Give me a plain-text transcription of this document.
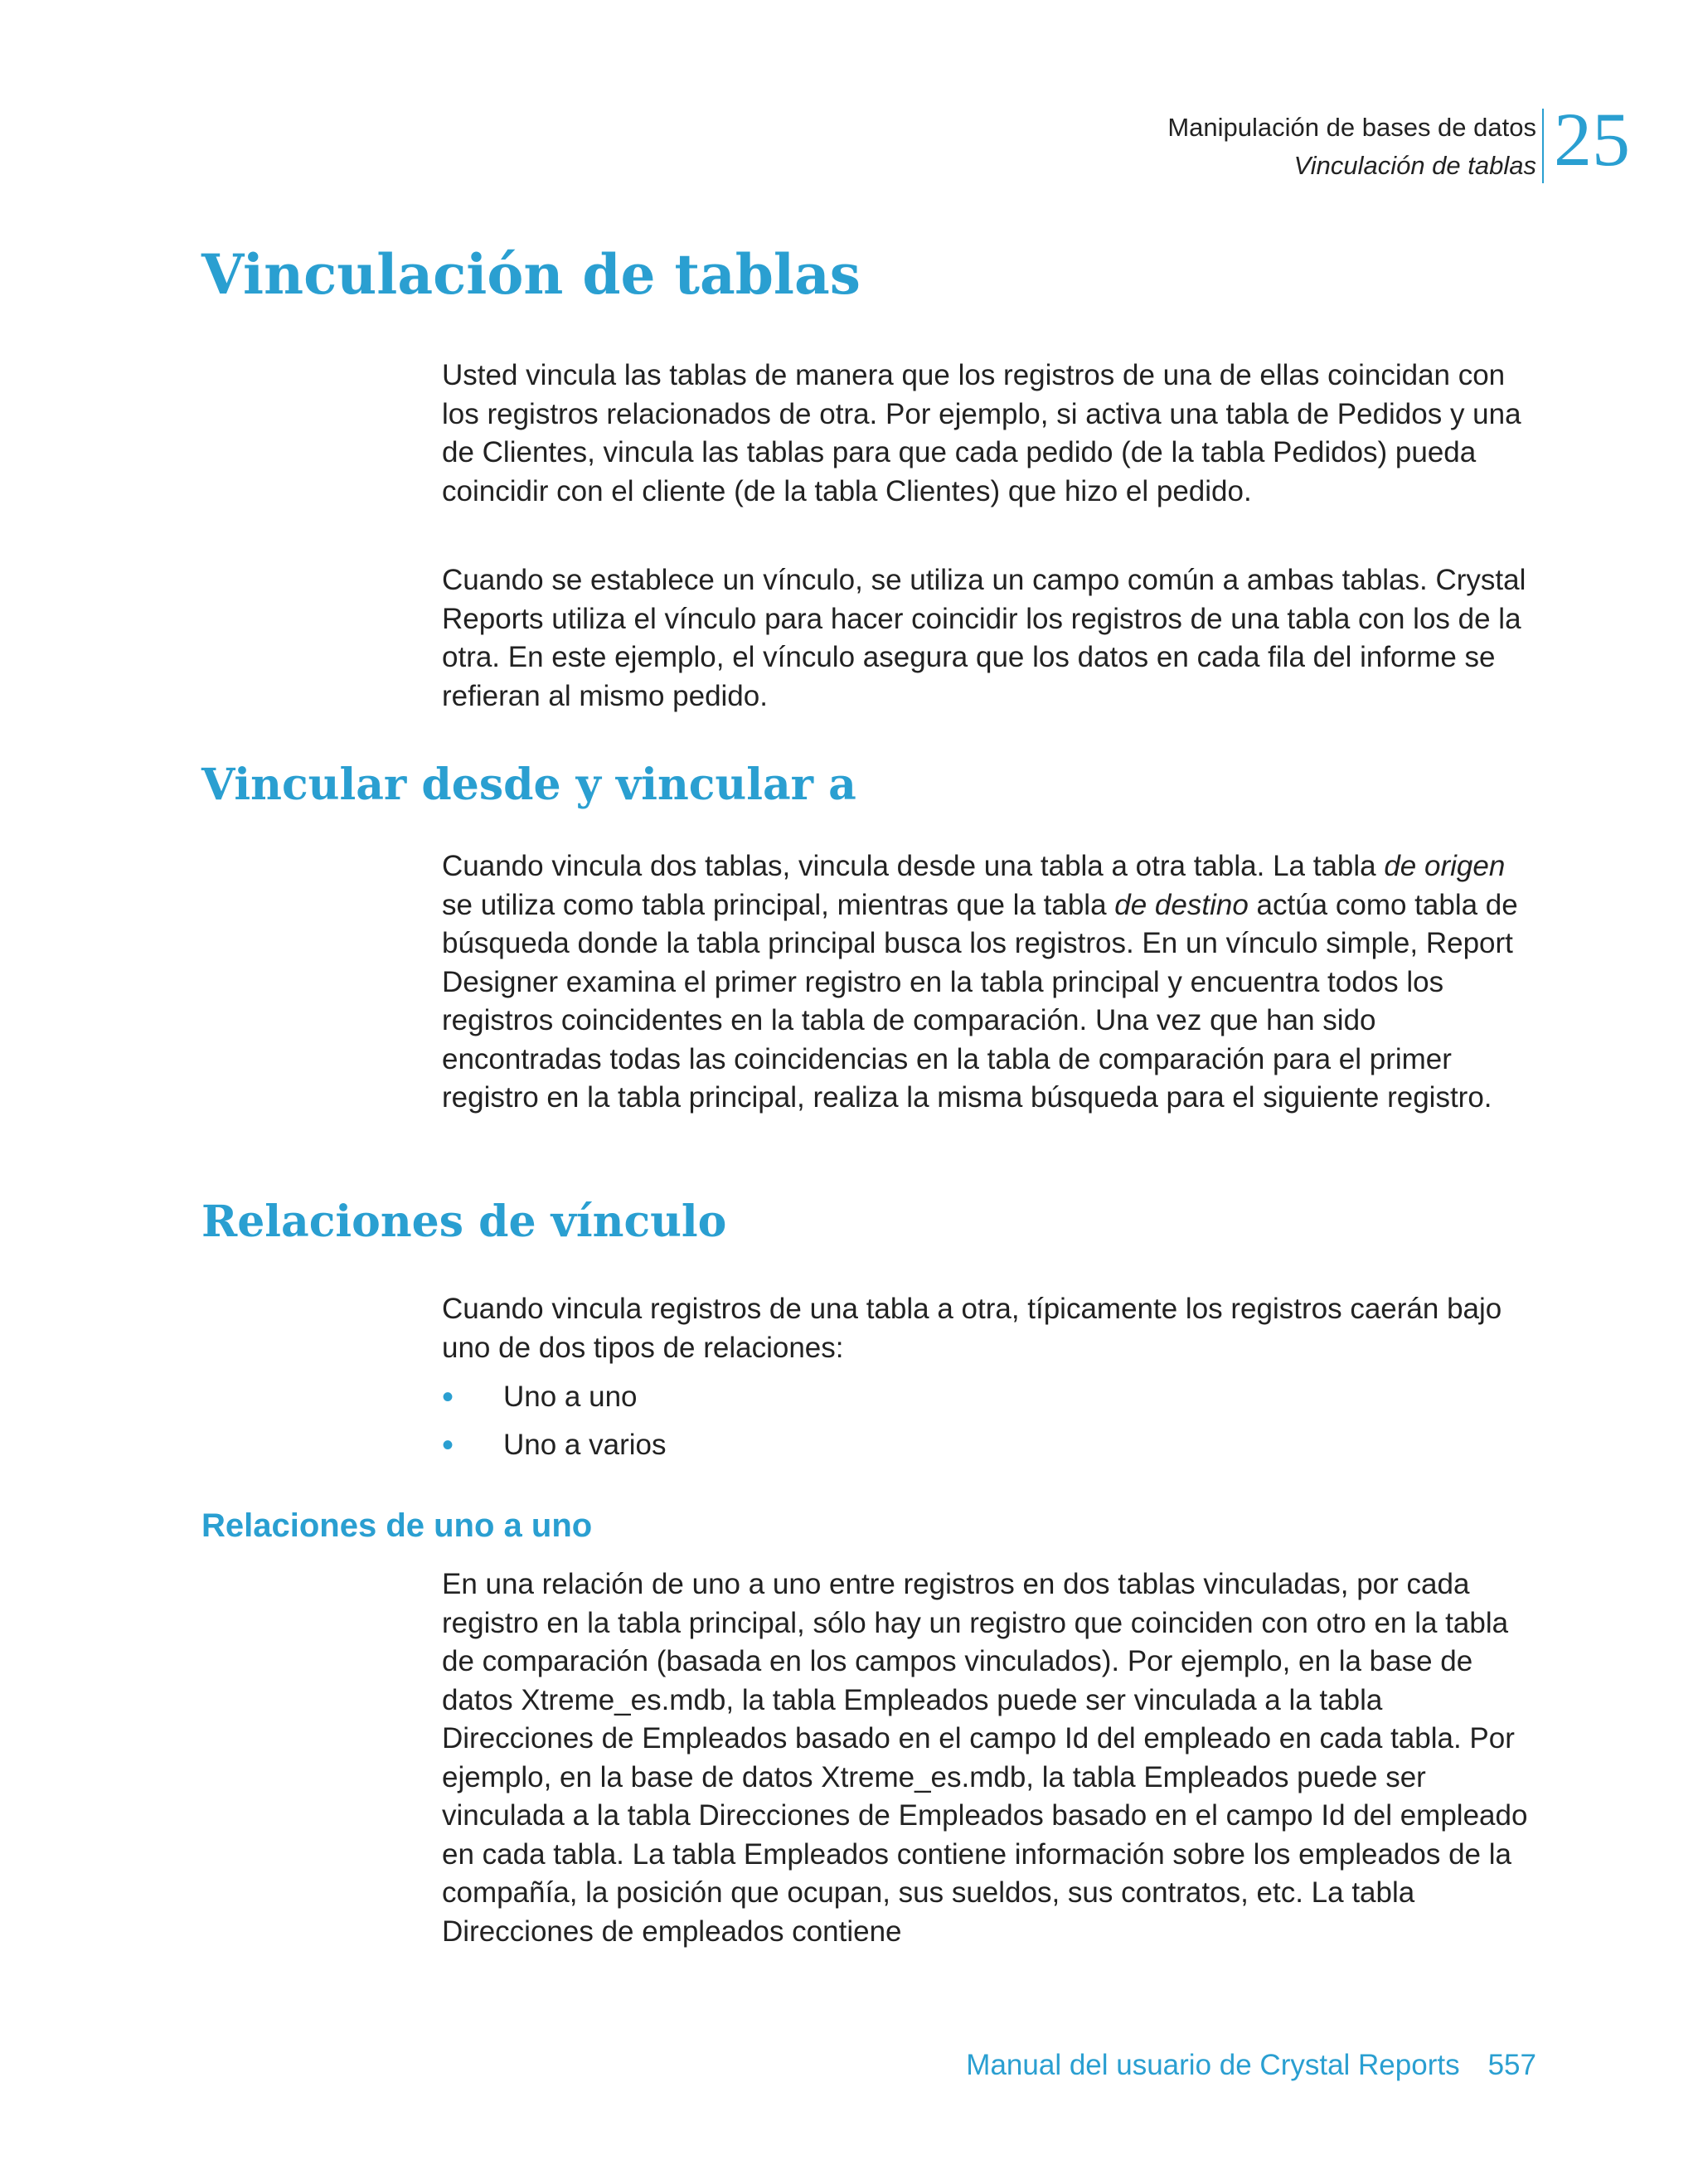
Manipulación de bases de datos
Vinculación de tablas 25
Vinculación de tablas

Usted vincula las tablas de manera que los registros de una de ellas coincidan con los registros relacionados de otra. Por ejemplo, si activa una tabla de Pedidos y una de Clientes, vincula las tablas para que cada pedido (de la tabla Pedidos) pueda coincidir con el cliente (de la tabla Clientes) que hizo el pedido.

Cuando se establece un vínculo, se utiliza un campo común a ambas tablas. Crystal Reports utiliza el vínculo para hacer coincidir los registros de una tabla con los de la otra. En este ejemplo, el vínculo asegura que los datos en cada fila del informe se refieran al mismo pedido.

Vincular desde y vincular a

Cuando vincula dos tablas, vincula desde una tabla a otra tabla. La tabla de origen se utiliza como tabla principal, mientras que la tabla de destino actúa como tabla de búsqueda donde la tabla principal busca los registros. En un vínculo simple, Report Designer examina el primer registro en la tabla principal y encuentra todos los registros coincidentes en la tabla de comparación. Una vez que han sido encontradas todas las coincidencias en la tabla de comparación para el primer registro en la tabla principal, realiza la misma búsqueda para el siguiente registro.

Relaciones de vínculo

Cuando vincula registros de una tabla a otra, típicamente los registros caerán bajo uno de dos tipos de relaciones:

• Uno a uno
• Uno a varios
Relaciones de uno a uno

En una relación de uno a uno entre registros en dos tablas vinculadas, por cada registro en la tabla principal, sólo hay un registro que coinciden con otro en la tabla de comparación (basada en los campos vinculados). Por ejemplo, en la base de datos Xtreme_es.mdb, la tabla Empleados puede ser vinculada a la tabla Direcciones de Empleados basado en el campo Id del empleado en cada tabla. Por ejemplo, en la base de datos Xtreme_es.mdb, la tabla Empleados puede ser vinculada a la tabla Direcciones de Empleados basado en el campo Id del empleado en cada tabla. La tabla Empleados contiene información sobre los empleados de la compañía, la posición que ocupan, sus sueldos, sus contratos, etc. La tabla Direcciones de empleados contiene

Manual del usuario de Crystal Reports 557
